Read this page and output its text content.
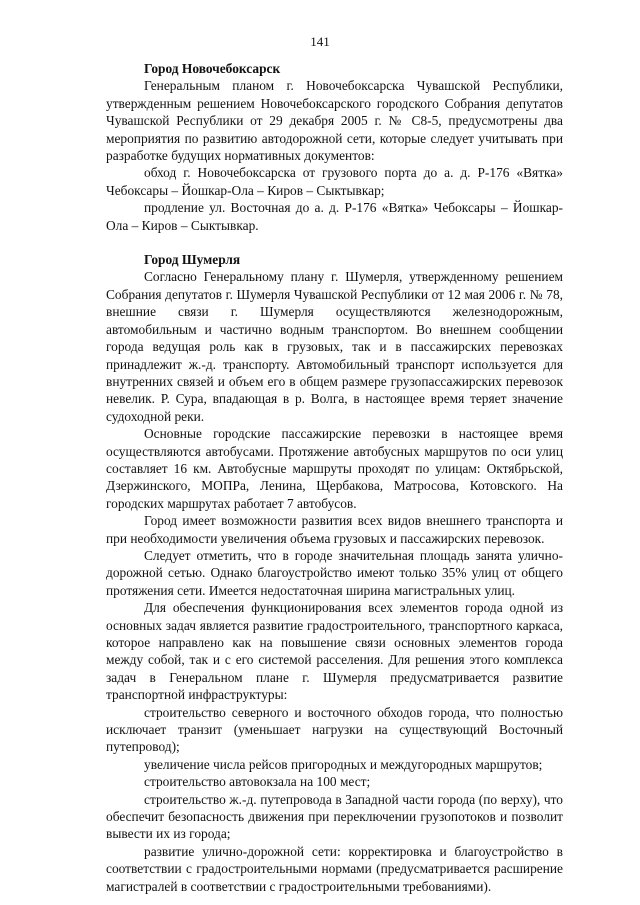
141

Город Новочебоксарск

Генеральным планом г. Новочебоксарска Чувашской Республики, утвержденным решением Новочебоксарского городского Собрания депутатов Чувашской Республики от 29 декабря 2005 г. № С8-5, предусмотрены два мероприятия по развитию автодорожной сети, которые следует учитывать при разработке будущих нормативных документов:

обход г. Новочебоксарска от грузового порта до а. д. Р-176 «Вятка» Чебоксары – Йошкар-Ола – Киров – Сыктывкар;

продление ул. Восточная до а. д. Р-176 «Вятка» Чебоксары – Йошкар-Ола – Киров – Сыктывкар.

Город Шумерля

Согласно Генеральному плану г. Шумерля, утвержденному решением Собрания депутатов г. Шумерля Чувашской Республики от 12 мая 2006 г. № 78, внешние связи г. Шумерля осуществляются железнодорожным, автомобильным и частично водным транспортом. Во внешнем сообщении города ведущая роль как в грузовых, так и в пассажирских перевозках принадлежит ж.-д. транспорту. Автомобильный транспорт используется для внутренних связей и объем его в общем размере грузопассажирских перевозок невелик. Р. Сура, впадающая в р. Волга, в настоящее время теряет значение судоходной реки.

Основные городские пассажирские перевозки в настоящее время осуществляются автобусами. Протяжение автобусных маршрутов по оси улиц составляет 16 км. Автобусные маршруты проходят по улицам: Октябрьской, Дзержинского, МОПРа, Ленина, Щербакова, Матросова, Котовского. На городских маршрутах работает 7 автобусов.

Город имеет возможности развития всех видов внешнего транспорта и при необходимости увеличения объема грузовых и пассажирских перевозок.

Следует отметить, что в городе значительная площадь занята улично-дорожной сетью. Однако благоустройство имеют только 35% улиц от общего протяжения сети. Имеется недостаточная ширина магистральных улиц.

Для обеспечения функционирования всех элементов города одной из основных задач является развитие градостроительного, транспортного каркаса, которое направлено как на повышение связи основных элементов города между собой, так и с его системой расселения. Для решения этого комплекса задач в Генеральном плане г. Шумерля предусматривается развитие транспортной инфраструктуры:

строительство северного и восточного обходов города, что полностью исключает транзит (уменьшает нагрузки на существующий Восточный путепровод);

увеличение числа рейсов пригородных и междугородных маршрутов;

строительство автовокзала на 100 мест;

строительство ж.-д. путепровода в Западной части города (по верху), что обеспечит безопасность движения при переключении грузопотоков и позволит вывести их из города;

развитие улично-дорожной сети: корректировка и благоустройство в соответствии с градостроительными нормами (предусматривается расширение магистралей в соответствии с градостроительными требованиями).
